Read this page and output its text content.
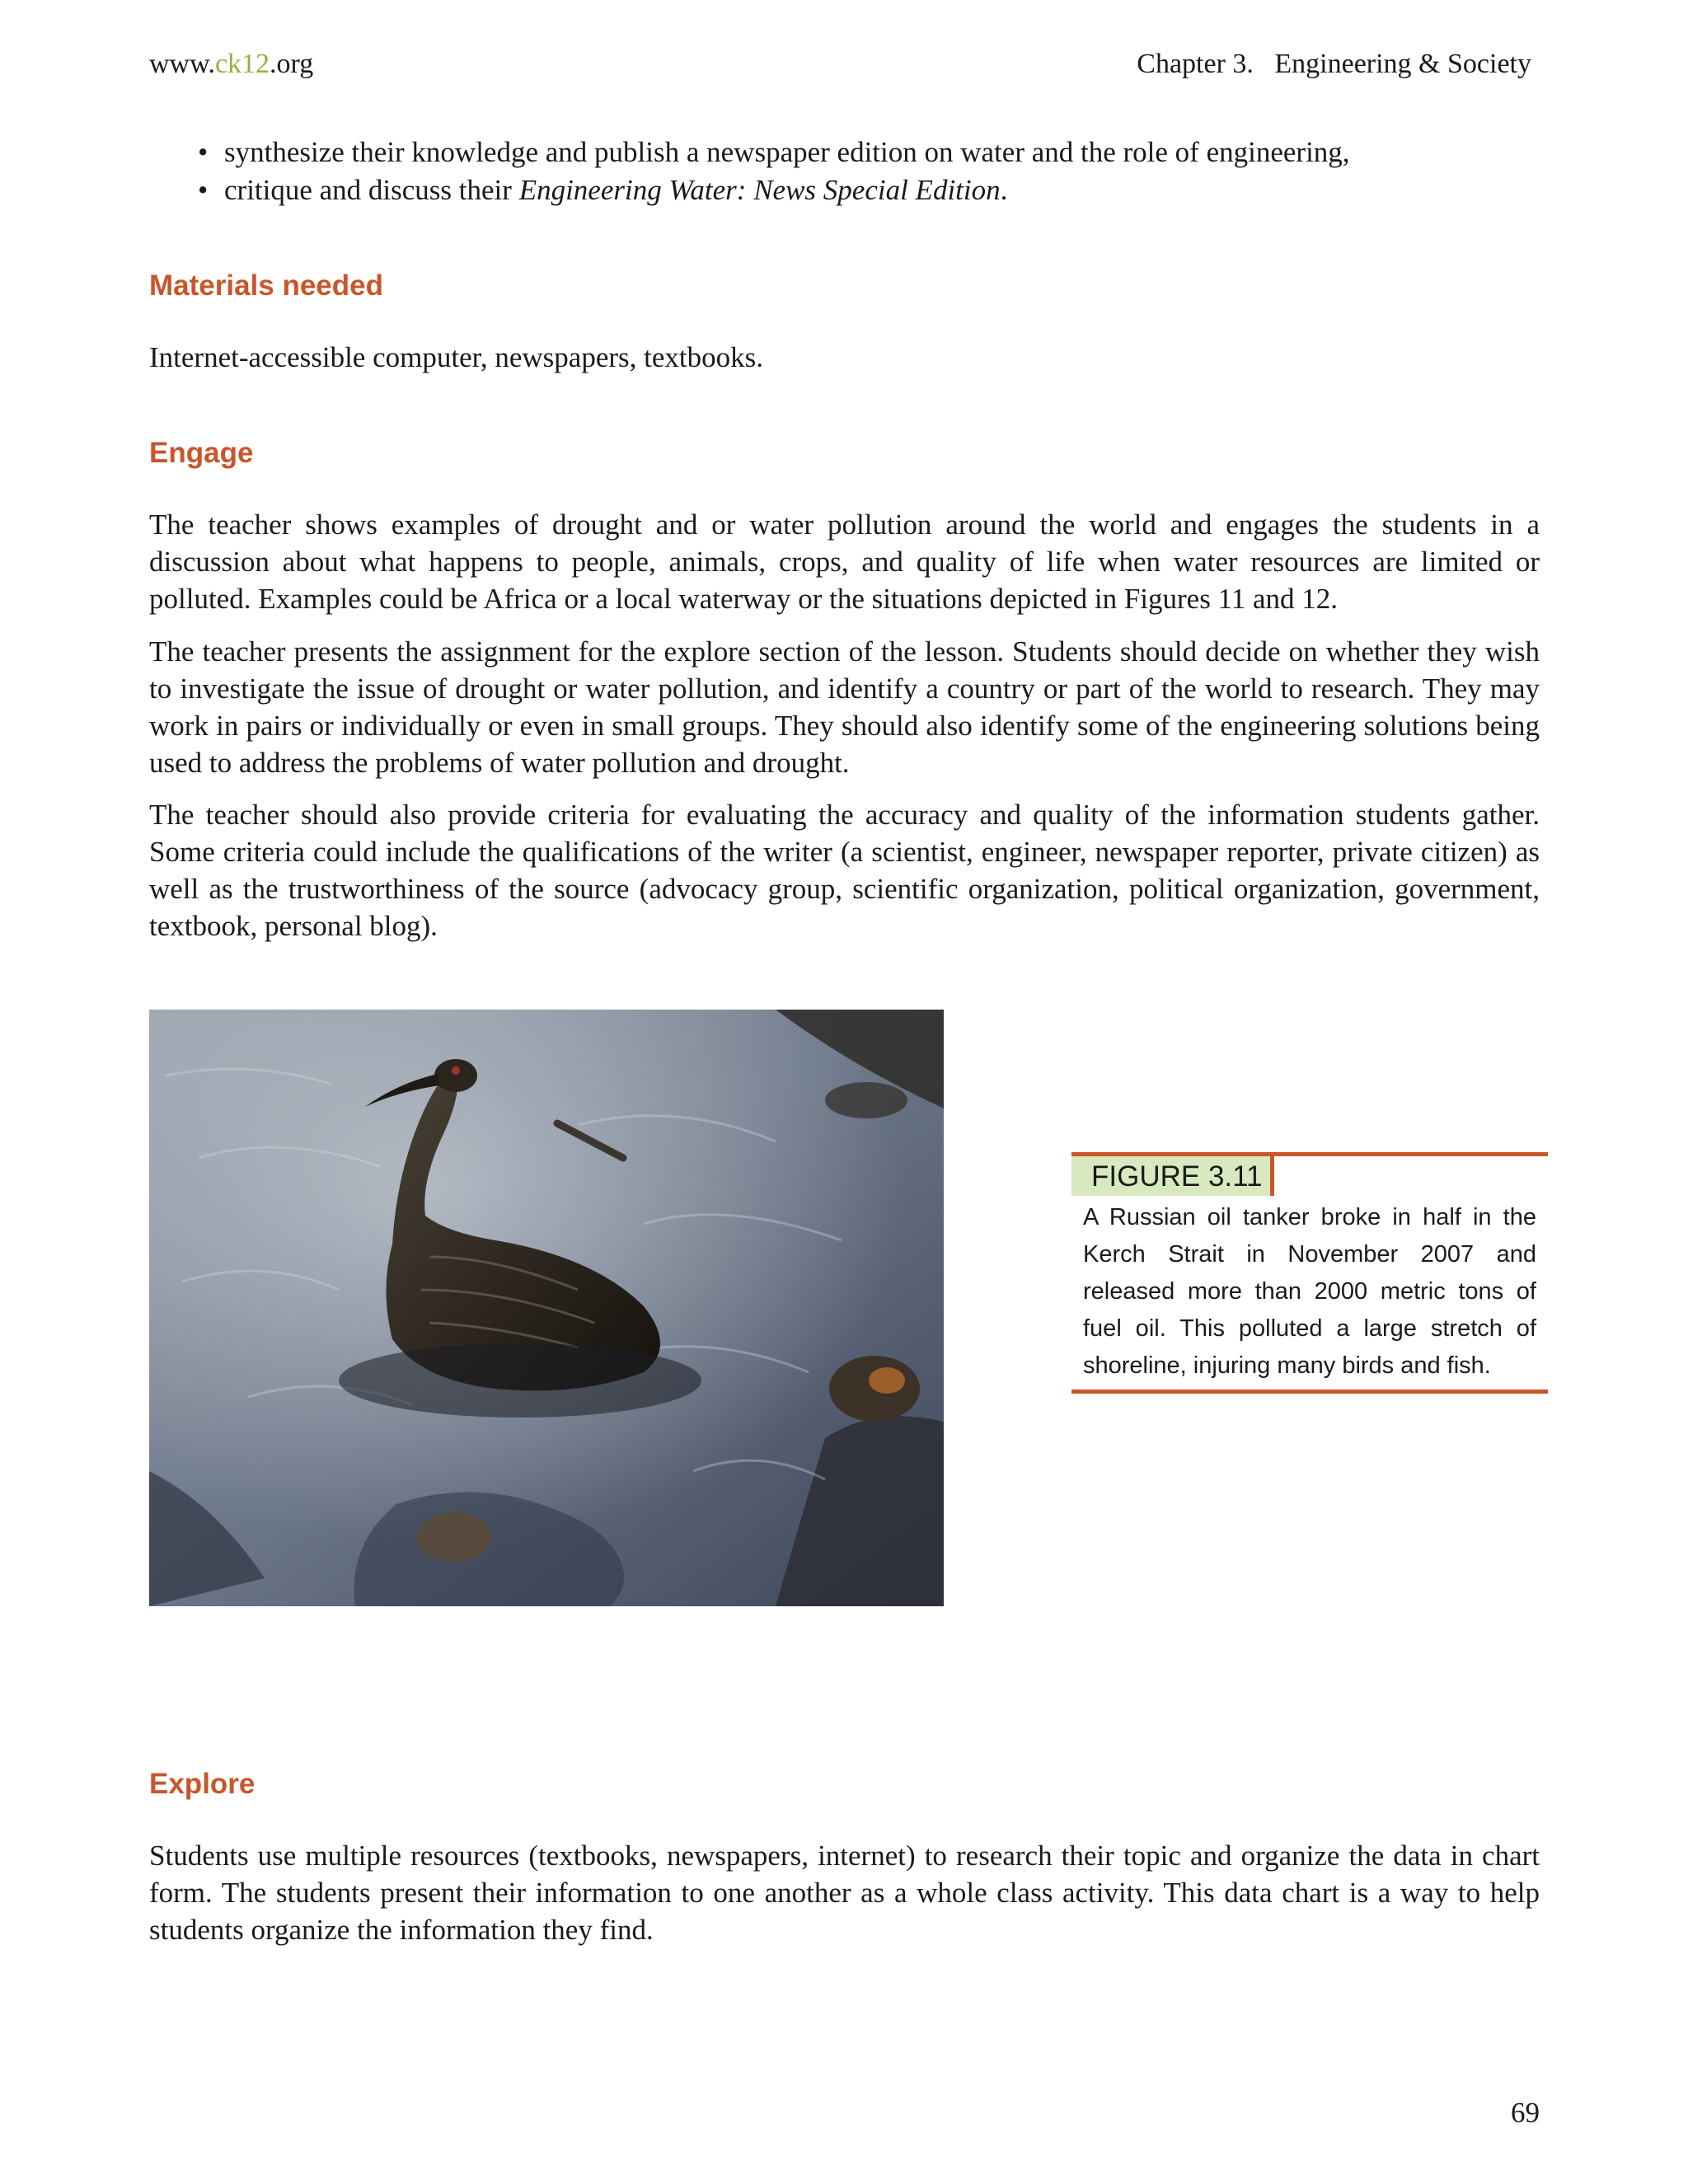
www.ck12.org	Chapter 3.   Engineering & Society
• synthesize their knowledge and publish a newspaper edition on water and the role of engineering,
• critique and discuss their Engineering Water: News Special Edition.
Materials needed

Internet-accessible computer, newspapers, textbooks.

Engage

The teacher shows examples of drought and or water pollution around the world and engages the students in a discussion about what happens to people, animals, crops, and quality of life when water resources are limited or polluted. Examples could be Africa or a local waterway or the situations depicted in Figures 11 and 12.

The teacher presents the assignment for the explore section of the lesson. Students should decide on whether they wish to investigate the issue of drought or water pollution, and identify a country or part of the world to research. They may work in pairs or individually or even in small groups. They should also identify some of the engineering solutions being used to address the problems of water pollution and drought.

The teacher should also provide criteria for evaluating the accuracy and quality of the information students gather. Some criteria could include the qualifications of the writer (a scientist, engineer, newspaper reporter, private citizen) as well as the trustworthiness of the source (advocacy group, scientific organization, political organization, government, textbook, personal blog).

FIGURE 3.11

A Russian oil tanker broke in half in the Kerch Strait in November 2007 and released more than 2000 metric tons of fuel oil. This polluted a large stretch of shoreline, injuring many birds and fish.

Explore

Students use multiple resources (textbooks, newspapers, internet) to research their topic and organize the data in chart form. The students present their information to one another as a whole class activity. This data chart is a way to help students organize the information they find.

69
